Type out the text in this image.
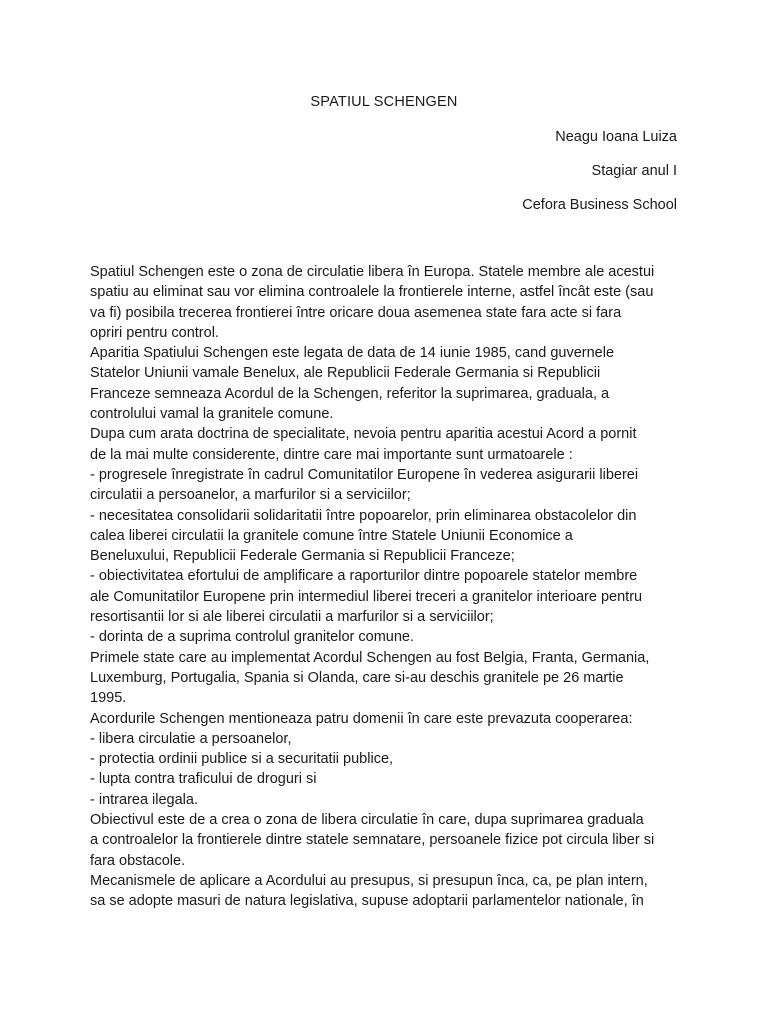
SPATIUL SCHENGEN
Neagu Ioana Luiza
Stagiar anul I
Cefora Business School
Spatiul Schengen este o zona de circulatie libera în Europa. Statele membre ale acestui
spatiu au eliminat sau vor elimina controalele la frontierele interne, astfel încât este (sau
va fi) posibila trecerea frontierei între oricare doua asemenea state fara acte si fara
opriri pentru control.
Aparitia Spatiului Schengen este legata de data de 14 iunie 1985, cand guvernele
Statelor Uniunii vamale Benelux, ale Republicii Federale Germania si Republicii
Franceze semneaza Acordul de la Schengen, referitor la suprimarea, graduala, a
controlului vamal la granitele comune.
Dupa cum arata doctrina de specialitate, nevoia pentru aparitia acestui Acord a pornit
de la mai multe considerente, dintre care mai importante sunt urmatoarele :
- progresele înregistrate în cadrul Comunitatilor Europene în vederea asigurarii liberei
circulatii a persoanelor, a marfurilor si a serviciilor;
- necesitatea consolidarii solidaritatii între popoarelor, prin eliminarea obstacolelor din
calea liberei circulatii la granitele comune între Statele Uniunii Economice a
Beneluxului, Republicii Federale Germania si Republicii Franceze;
- obiectivitatea efortului de amplificare a raporturilor dintre popoarele statelor membre
ale Comunitatilor Europene prin intermediul liberei treceri a granitelor interioare pentru
resortisantii lor si ale liberei circulatii a marfurilor si a serviciilor;
- dorinta de a suprima controlul granitelor comune.
Primele state care au implementat Acordul Schengen au fost Belgia, Franta, Germania,
Luxemburg, Portugalia, Spania si Olanda, care si-au deschis granitele pe 26 martie
1995.
Acordurile Schengen mentioneaza patru domenii în care este prevazuta cooperarea:
- libera circulatie a persoanelor,
- protectia ordinii publice si a securitatii publice,
- lupta contra traficului de droguri si
- intrarea ilegala.
Obiectivul este de a crea o zona de libera circulatie în care, dupa suprimarea graduala
a controalelor la frontierele dintre statele semnatare, persoanele fizice pot circula liber si
fara obstacole.
Mecanismele de aplicare a Acordului au presupus, si presupun înca, ca, pe plan intern,
sa se adopte masuri de natura legislativa, supuse adoptarii parlamentelor nationale, în
